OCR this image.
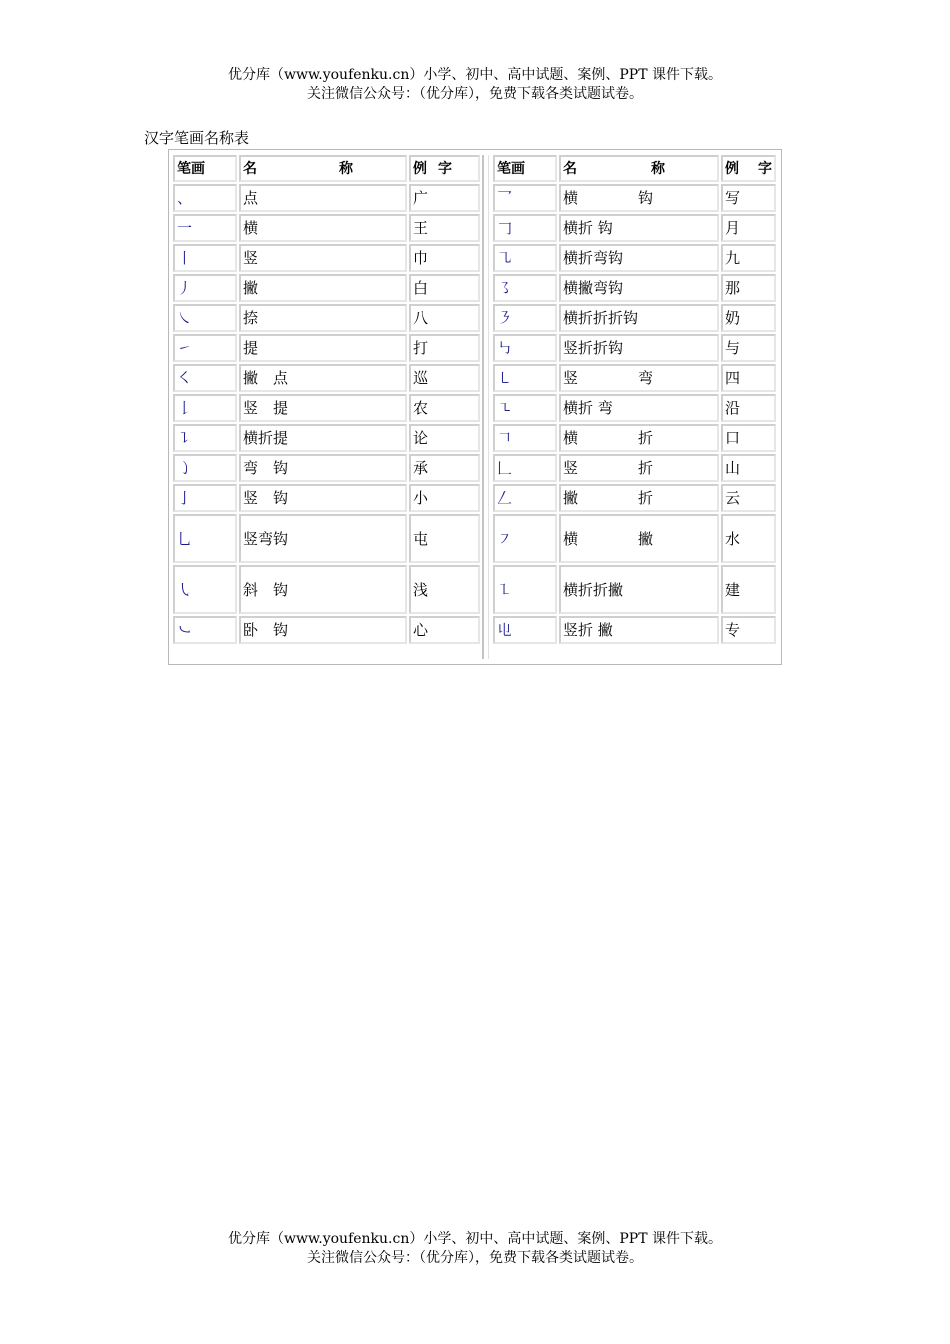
优分库（www.youfenku.cn）小学、初中、高中试题、案例、PPT 课件下载。
关注微信公众号：（优分库），免费下载各类试题试卷。
汉字笔画名称表
笔画	名 称	例 字

、	点	广
一	横	王
丨	竖	巾
丿	撇	白
㇏	捺	八
㇀	提	打
㇛	撇　点	巡
𠄌	竖　提	农
㇊	横折提	论
㇁	弯　钩	承
亅	竖　钩	小
乚	竖弯钩	屯
㇂	斜　钩	浅
㇃	卧　钩	心
笔画	名 称	例 字

乛	横 钩	写
𠃌	横折 钩	月
㇈	横折弯钩	九
㇌	横撇弯钩	那
㇋	横折折折钩	奶
㇉	竖折折钩	与
㇄	竖 弯	四
㇍	横折 弯	沿
𠃍	横 折	口
𠃊	竖 折	山
𠃋	撇 折	云
㇇	横 撇	水
㇅	横折折撇	建
𠄑	竖折 撇	专
优分库（www.youfenku.cn）小学、初中、高中试题、案例、PPT 课件下载。
关注微信公众号：（优分库），免费下载各类试题试卷。
